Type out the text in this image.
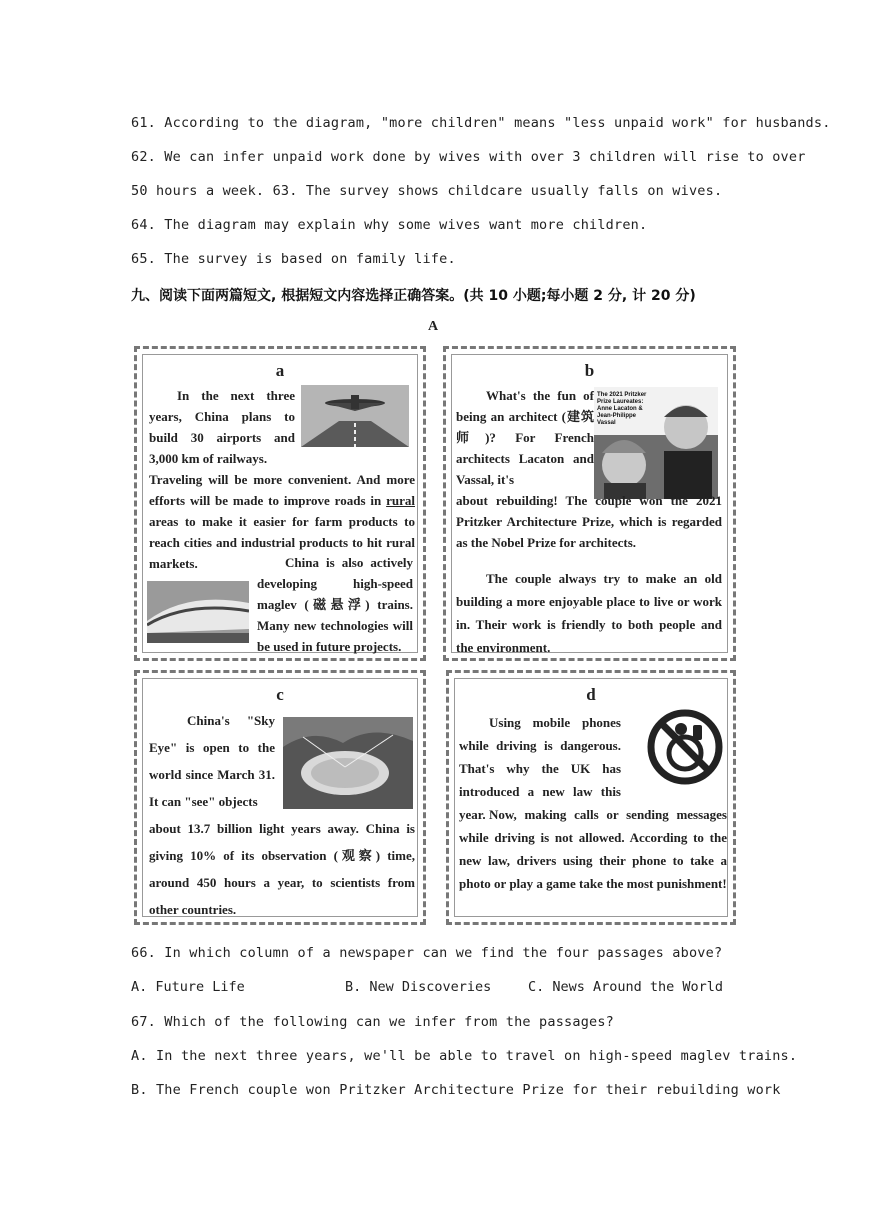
61. According to the diagram, "more children" means "less unpaid work" for husbands.
62. We can infer unpaid work done by wives with over 3 children will rise to over
50 hours a week. 63. The survey shows childcare usually falls on wives.
64. The diagram may explain why some wives want more children.
65. The survey is based on family life.
九、阅读下面两篇短文, 根据短文内容选择正确答案。(共 10 小题;每小题 2 分, 计 20 分)
A
a
In the next three years, China plans to build 30 airports and 3,000 km of railways.
Traveling will be more convenient. And more efforts will be made to improve roads in rural areas to make it easier for farm products to reach cities and industrial products to hit rural markets.	China is also actively developing high-speed maglev (磁悬浮) trains. Many new technologies will be used in future projects.
b
The 2021 Pritzker Prize Laureates: Anne Lacaton & Jean-Philippe Vassal
What's the fun of being an architect (建筑师)? For French architects Lacaton and Vassal, it's
about rebuilding! The couple won the 2021 Pritzker Architecture Prize, which is regarded as the Nobel Prize for architects.
The couple always try to make an old building a more enjoyable place to live or work in. Their work is friendly to both people and the environment.
c
China's "Sky Eye" is open to the world since March 31. It can "see" objects
about 13.7 billion light years away. China is giving 10% of its observation (观察) time, around 450 hours a year, to scientists from other countries.
d
Using mobile phones while driving is dangerous. That's why the UK has introduced a new law this year. Now, making calls or sending messages while driving is not allowed. According to the new law, drivers using their phone to take a photo or play a game take the most punishment!
66. In which column of a newspaper can we find the four passages above?
A. Future Life	B. New Discoveries	C. News Around the World
67. Which of the following can we infer from the passages?
A. In the next three years, we'll be able to travel on high-speed maglev trains.
B. The French couple won Pritzker Architecture Prize for their rebuilding work
